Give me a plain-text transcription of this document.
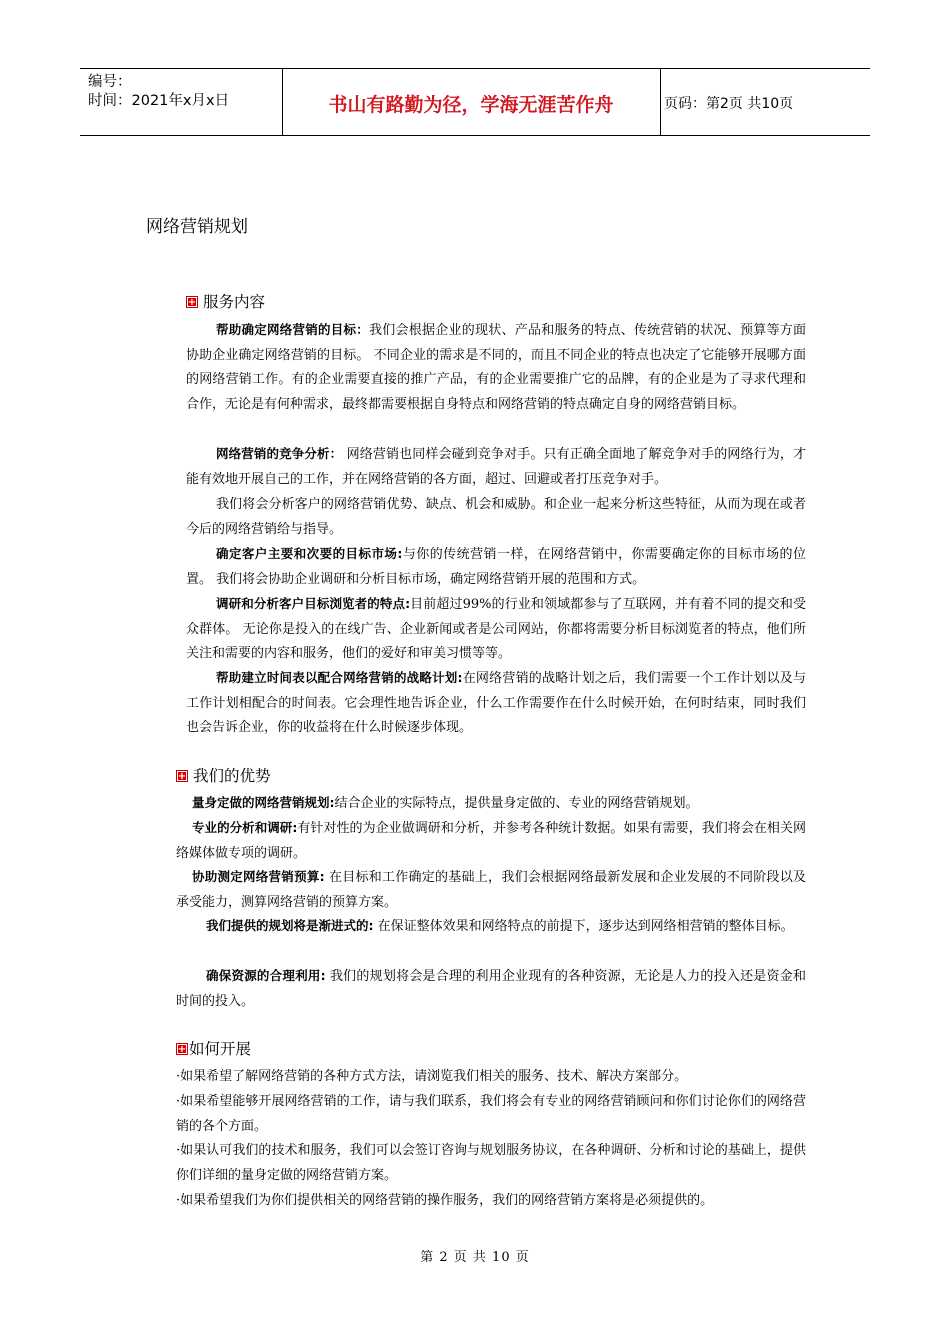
编号：
时间：2021年x月x日	书山有路勤为径，学海无涯苦作舟	页码：第2页 共10页
网络营销规划
+
服务内容
帮助确定网络营销的目标：我们会根据企业的现状、产品和服务的特点、传统营销的状况、预算等方面协助企业确定网络营销的目标。 不同企业的需求是不同的，而且不同企业的特点也决定了它能够开展哪方面的网络营销工作。有的企业需要直接的推广产品，有的企业需要推广它的品牌，有的企业是为了寻求代理和合作，无论是有何种需求，最终都需要根据自身特点和网络营销的特点确定自身的网络营销目标。
网络营销的竞争分析： 网络营销也同样会碰到竞争对手。只有正确全面地了解竞争对手的网络行为，才能有效地开展自己的工作，并在网络营销的各方面，超过、回避或者打压竞争对手。
我们将会分析客户的网络营销优势、缺点、机会和威胁。和企业一起来分析这些特征，从而为现在或者今后的网络营销给与指导。
确定客户主要和次要的目标市场:与你的传统营销一样，在网络营销中，你需要确定你的目标市场的位置。 我们将会协助企业调研和分析目标市场，确定网络营销开展的范围和方式。
调研和分析客户目标浏览者的特点:目前超过99%的行业和领域都参与了互联网，并有着不同的提交和受众群体。 无论你是投入的在线广告、企业新闻或者是公司网站，你都将需要分析目标浏览者的特点，他们所关注和需要的内容和服务，他们的爱好和审美习惯等等。
帮助建立时间表以配合网络营销的战略计划:在网络营销的战略计划之后，我们需要一个工作计划以及与工作计划相配合的时间表。它会理性地告诉企业，什么工作需要作在什么时候开始，在何时结束，同时我们也会告诉企业，你的收益将在什么时候逐步体现。
+
我们的优势
量身定做的网络营销规划:结合企业的实际特点，提供量身定做的、专业的网络营销规划。
专业的分析和调研:有针对性的为企业做调研和分析，并参考各种统计数据。如果有需要，我们将会在相关网络媒体做专项的调研。
协助测定网络营销预算: 在目标和工作确定的基础上，我们会根据网络最新发展和企业发展的不同阶段以及承受能力，测算网络营销的预算方案。
我们提供的规划将是渐进式的: 在保证整体效果和网络特点的前提下，逐步达到网络相营销的整体目标。
确保资源的合理利用: 我们的规划将会是合理的利用企业现有的各种资源，无论是人力的投入还是资金和时间的投入。
+
如何开展
·如果希望了解网络营销的各种方式方法，请浏览我们相关的服务、技术、解决方案部分。
·如果希望能够开展网络营销的工作，请与我们联系，我们将会有专业的网络营销顾问和你们讨论你们的网络营销的各个方面。
·如果认可我们的技术和服务，我们可以会签订咨询与规划服务协议，在各种调研、分析和讨论的基础上，提供你们详细的量身定做的网络营销方案。
·如果希望我们为你们提供相关的网络营销的操作服务，我们的网络营销方案将是必须提供的。
第 2 页 共 10 页
